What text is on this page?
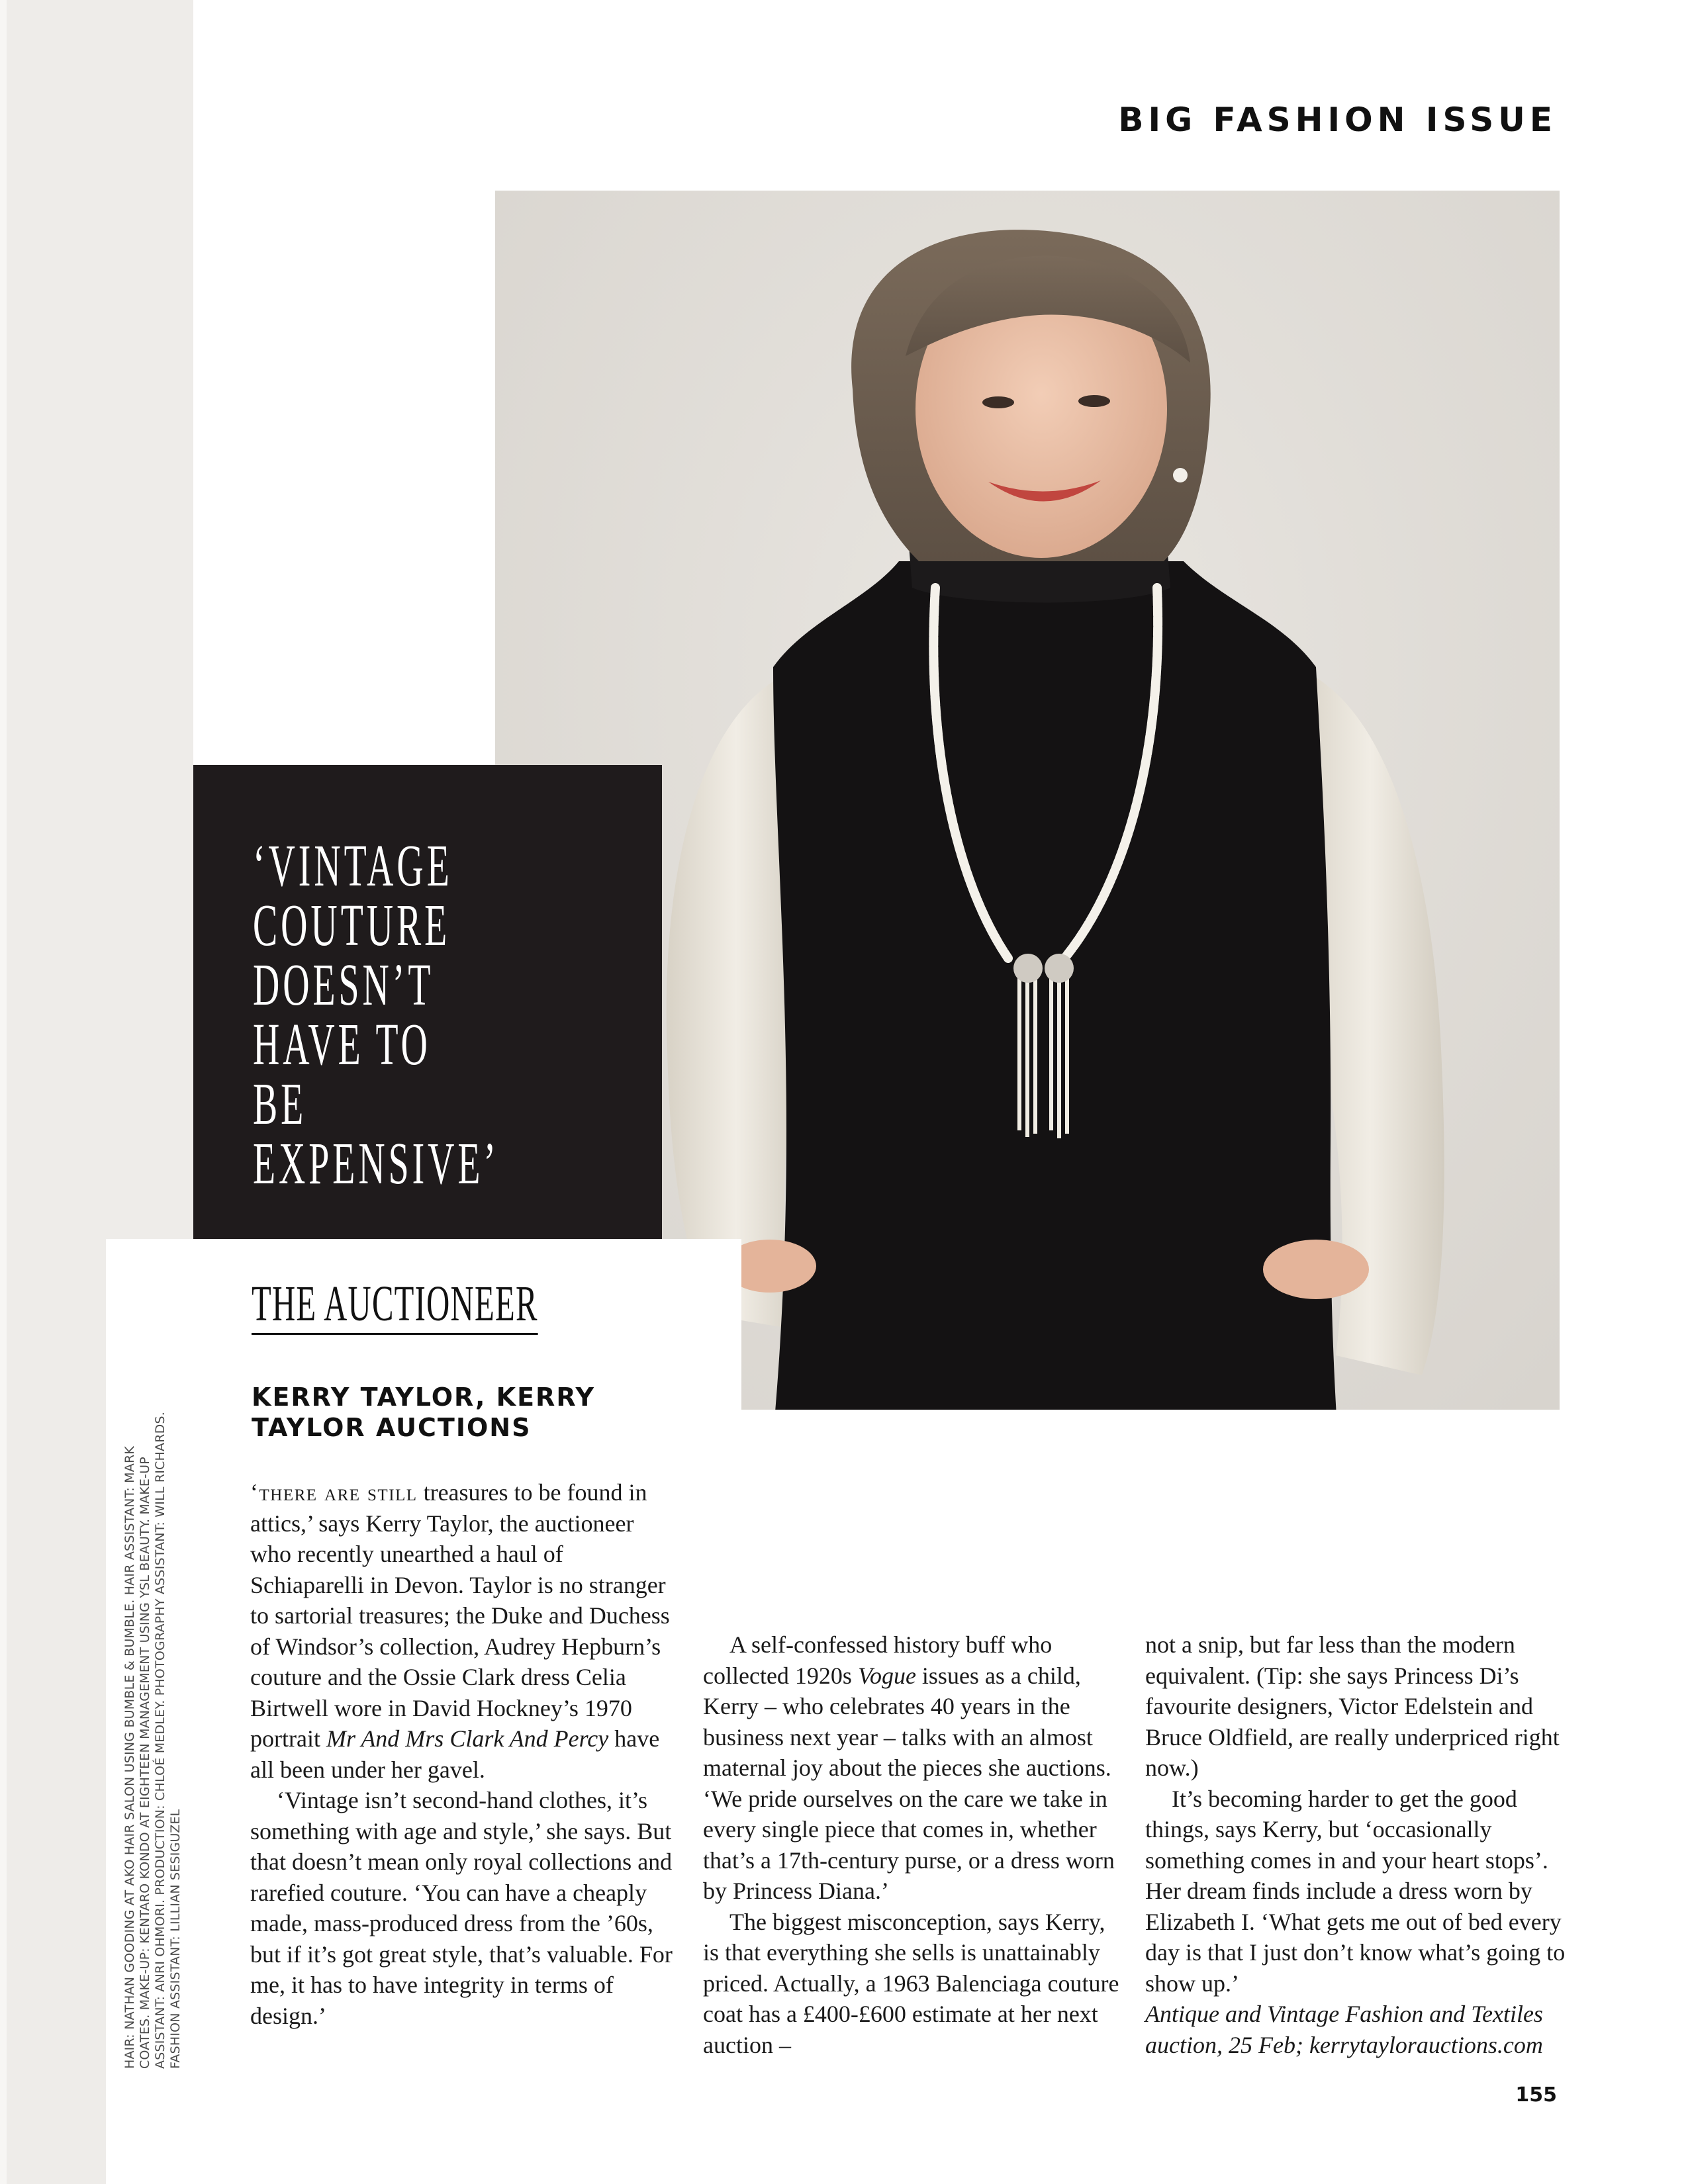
BIG FASHION ISSUE
‘VINTAGE
COUTURE
DOESN’T
HAVE TO BE
EXPENSIVE’
THE AUCTIONEER
KERRY TAYLOR, KERRY TAYLOR AUCTIONS

‘there are still treasures to be found in attics,’ says Kerry Taylor, the auctioneer who recently unearthed a haul of Schiaparelli in Devon. Taylor is no stranger to sartorial treasures; the Duke and Duchess of Windsor’s collection, Audrey Hepburn’s couture and the Ossie Clark dress Celia Birtwell wore in David Hockney’s 1970 portrait Mr And Mrs Clark And Percy have all been under her gavel.

‘Vintage isn’t second-hand clothes, it’s something with age and style,’ she says. But that doesn’t mean only royal collections and rarefied couture. ‘You can have a cheaply made, mass-produced dress from the ’60s, but if it’s got great style, that’s valuable. For me, it has to have integrity in terms of design.’

A self-confessed history buff who collected 1920s Vogue issues as a child, Kerry – who celebrates 40 years in the business next year – talks with an almost maternal joy about the pieces she auctions. ‘We pride ourselves on the care we take in every single piece that comes in, whether that’s a 17th-century purse, or a dress worn by Princess Diana.’

The biggest misconception, says Kerry, is that everything she sells is unattainably priced. Actually, a 1963 Balenciaga couture coat has a £400-£600 estimate at her next auction –

not a snip, but far less than the modern equivalent. (Tip: she says Princess Di’s favourite designers, Victor Edelstein and Bruce Oldfield, are really underpriced right now.)

It’s becoming harder to get the good things, says Kerry, but ‘occasionally something comes in and your heart stops’. Her dream finds include a dress worn by Elizabeth I. ‘What gets me out of bed every day is that I just don’t know what’s going to show up.’

Antique and Vintage Fashion and Textiles auction, 25 Feb; kerrytaylorauctions.com

HAIR: NATHAN GOODING AT AKO HAIR SALON USING BUMBLE & BUMBLE. HAIR ASSISTANT: MARK COATES. MAKE-UP: KENTARO KONDO AT EIGHTEEN MANAGEMENT USING YSL BEAUTY. MAKE-UP ASSISTANT: ANRI OHMORI. PRODUCTION: CHLOÉ MEDLEY. PHOTOGRAPHY ASSISTANT: WILL RICHARDS. FASHION ASSISTANT: LILLIAN SESIGUZEL
155
